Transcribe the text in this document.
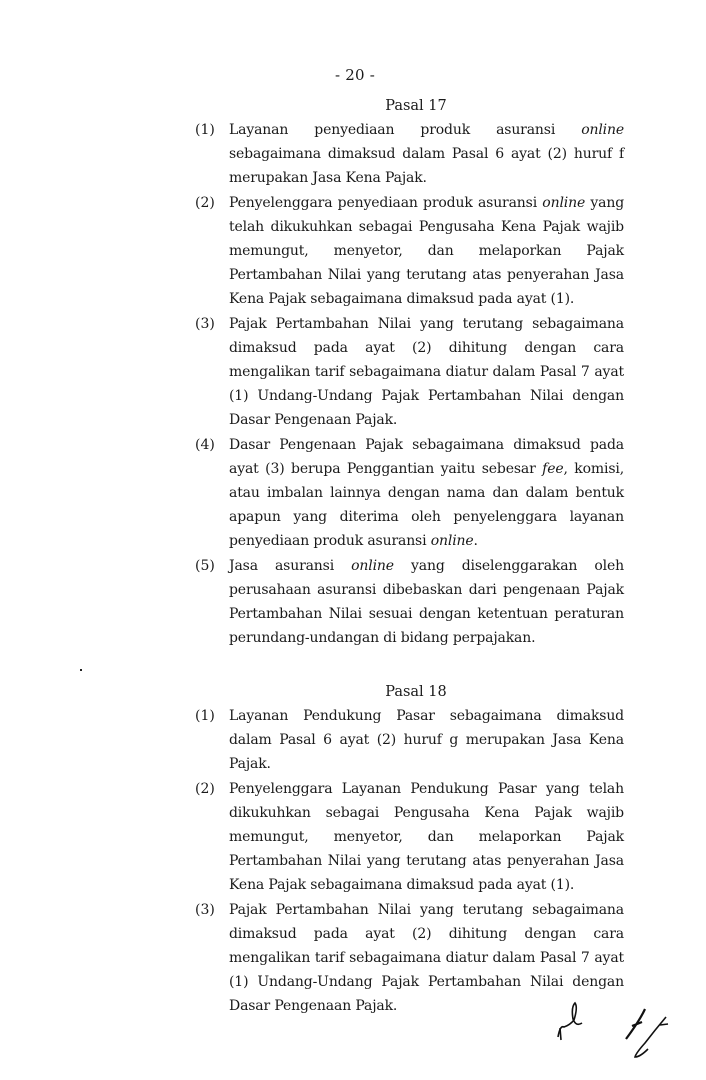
- 20 -
Pasal 17
(1)	Layanan penyediaan produk asuransi online sebagaimana dimaksud dalam Pasal 6 ayat (2) huruf f merupakan Jasa Kena Pajak.
(2)	Penyelenggara penyediaan produk asuransi online yang telah dikukuhkan sebagai Pengusaha Kena Pajak wajib memungut, menyetor, dan melaporkan Pajak Pertambahan Nilai yang terutang atas penyerahan Jasa Kena Pajak sebagaimana dimaksud pada ayat (1).
(3)	Pajak Pertambahan Nilai yang terutang sebagaimana dimaksud pada ayat (2) dihitung dengan cara mengalikan tarif sebagaimana diatur dalam Pasal 7 ayat (1) Undang-Undang Pajak Pertambahan Nilai dengan Dasar Pengenaan Pajak.
(4)	Dasar Pengenaan Pajak sebagaimana dimaksud pada ayat (3) berupa Penggantian yaitu sebesar fee, komisi, atau imbalan lainnya dengan nama dan dalam bentuk apapun yang diterima oleh penyelenggara layanan penyediaan produk asuransi online.
(5)	Jasa asuransi online yang diselenggarakan oleh perusahaan asuransi dibebaskan dari pengenaan Pajak Pertambahan Nilai sesuai dengan ketentuan peraturan perundang-undangan di bidang perpajakan.
Pasal 18
(1)	Layanan Pendukung Pasar sebagaimana dimaksud dalam Pasal 6 ayat (2) huruf g merupakan Jasa Kena Pajak.
(2)	Penyelenggara Layanan Pendukung Pasar yang telah dikukuhkan sebagai Pengusaha Kena Pajak wajib memungut, menyetor, dan melaporkan Pajak Pertambahan Nilai yang terutang atas penyerahan Jasa Kena Pajak sebagaimana dimaksud pada ayat (1).
(3)	Pajak Pertambahan Nilai yang terutang sebagaimana dimaksud pada ayat (2) dihitung dengan cara mengalikan tarif sebagaimana diatur dalam Pasal 7 ayat (1) Undang-Undang Pajak Pertambahan Nilai dengan Dasar Pengenaan Pajak.
